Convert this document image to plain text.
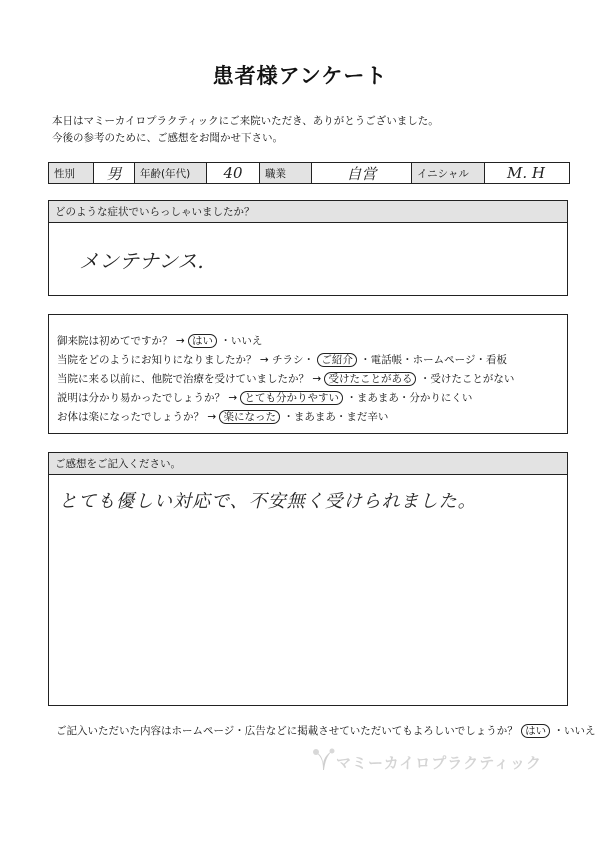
患者様アンケート
本日はマミーカイロプラクティックにご来院いただき、ありがとうございました。
今後の参考のために、ご感想をお聞かせ下さい。
性別	男	年齢(年代)	40	職業	自営	イニシャル	M. H
どのような症状でいらっしゃいましたか？
メンテナンス.
御来院は初めてですか？ → はい ・いいえ
当院をどのようにお知りになりましたか？ → チラシ・ ご紹介 ・電話帳・ホームページ・看板
当院に来る以前に、他院で治療を受けていましたか？ → 受けたことがある ・受けたことがない
説明は分かり易かったでしょうか？ → とても分かりやすい ・まあまあ・分かりにくい
お体は楽になったでしょうか？ → 楽になった ・まあまあ・まだ辛い
ご感想をご記入ください。
とても優しい対応で、不安無く受けられました。
ご記入いただいた内容はホームページ・広告などに掲載させていただいてもよろしいでしょうか？ はい ・いいえ
マミーカイロプラクティック
